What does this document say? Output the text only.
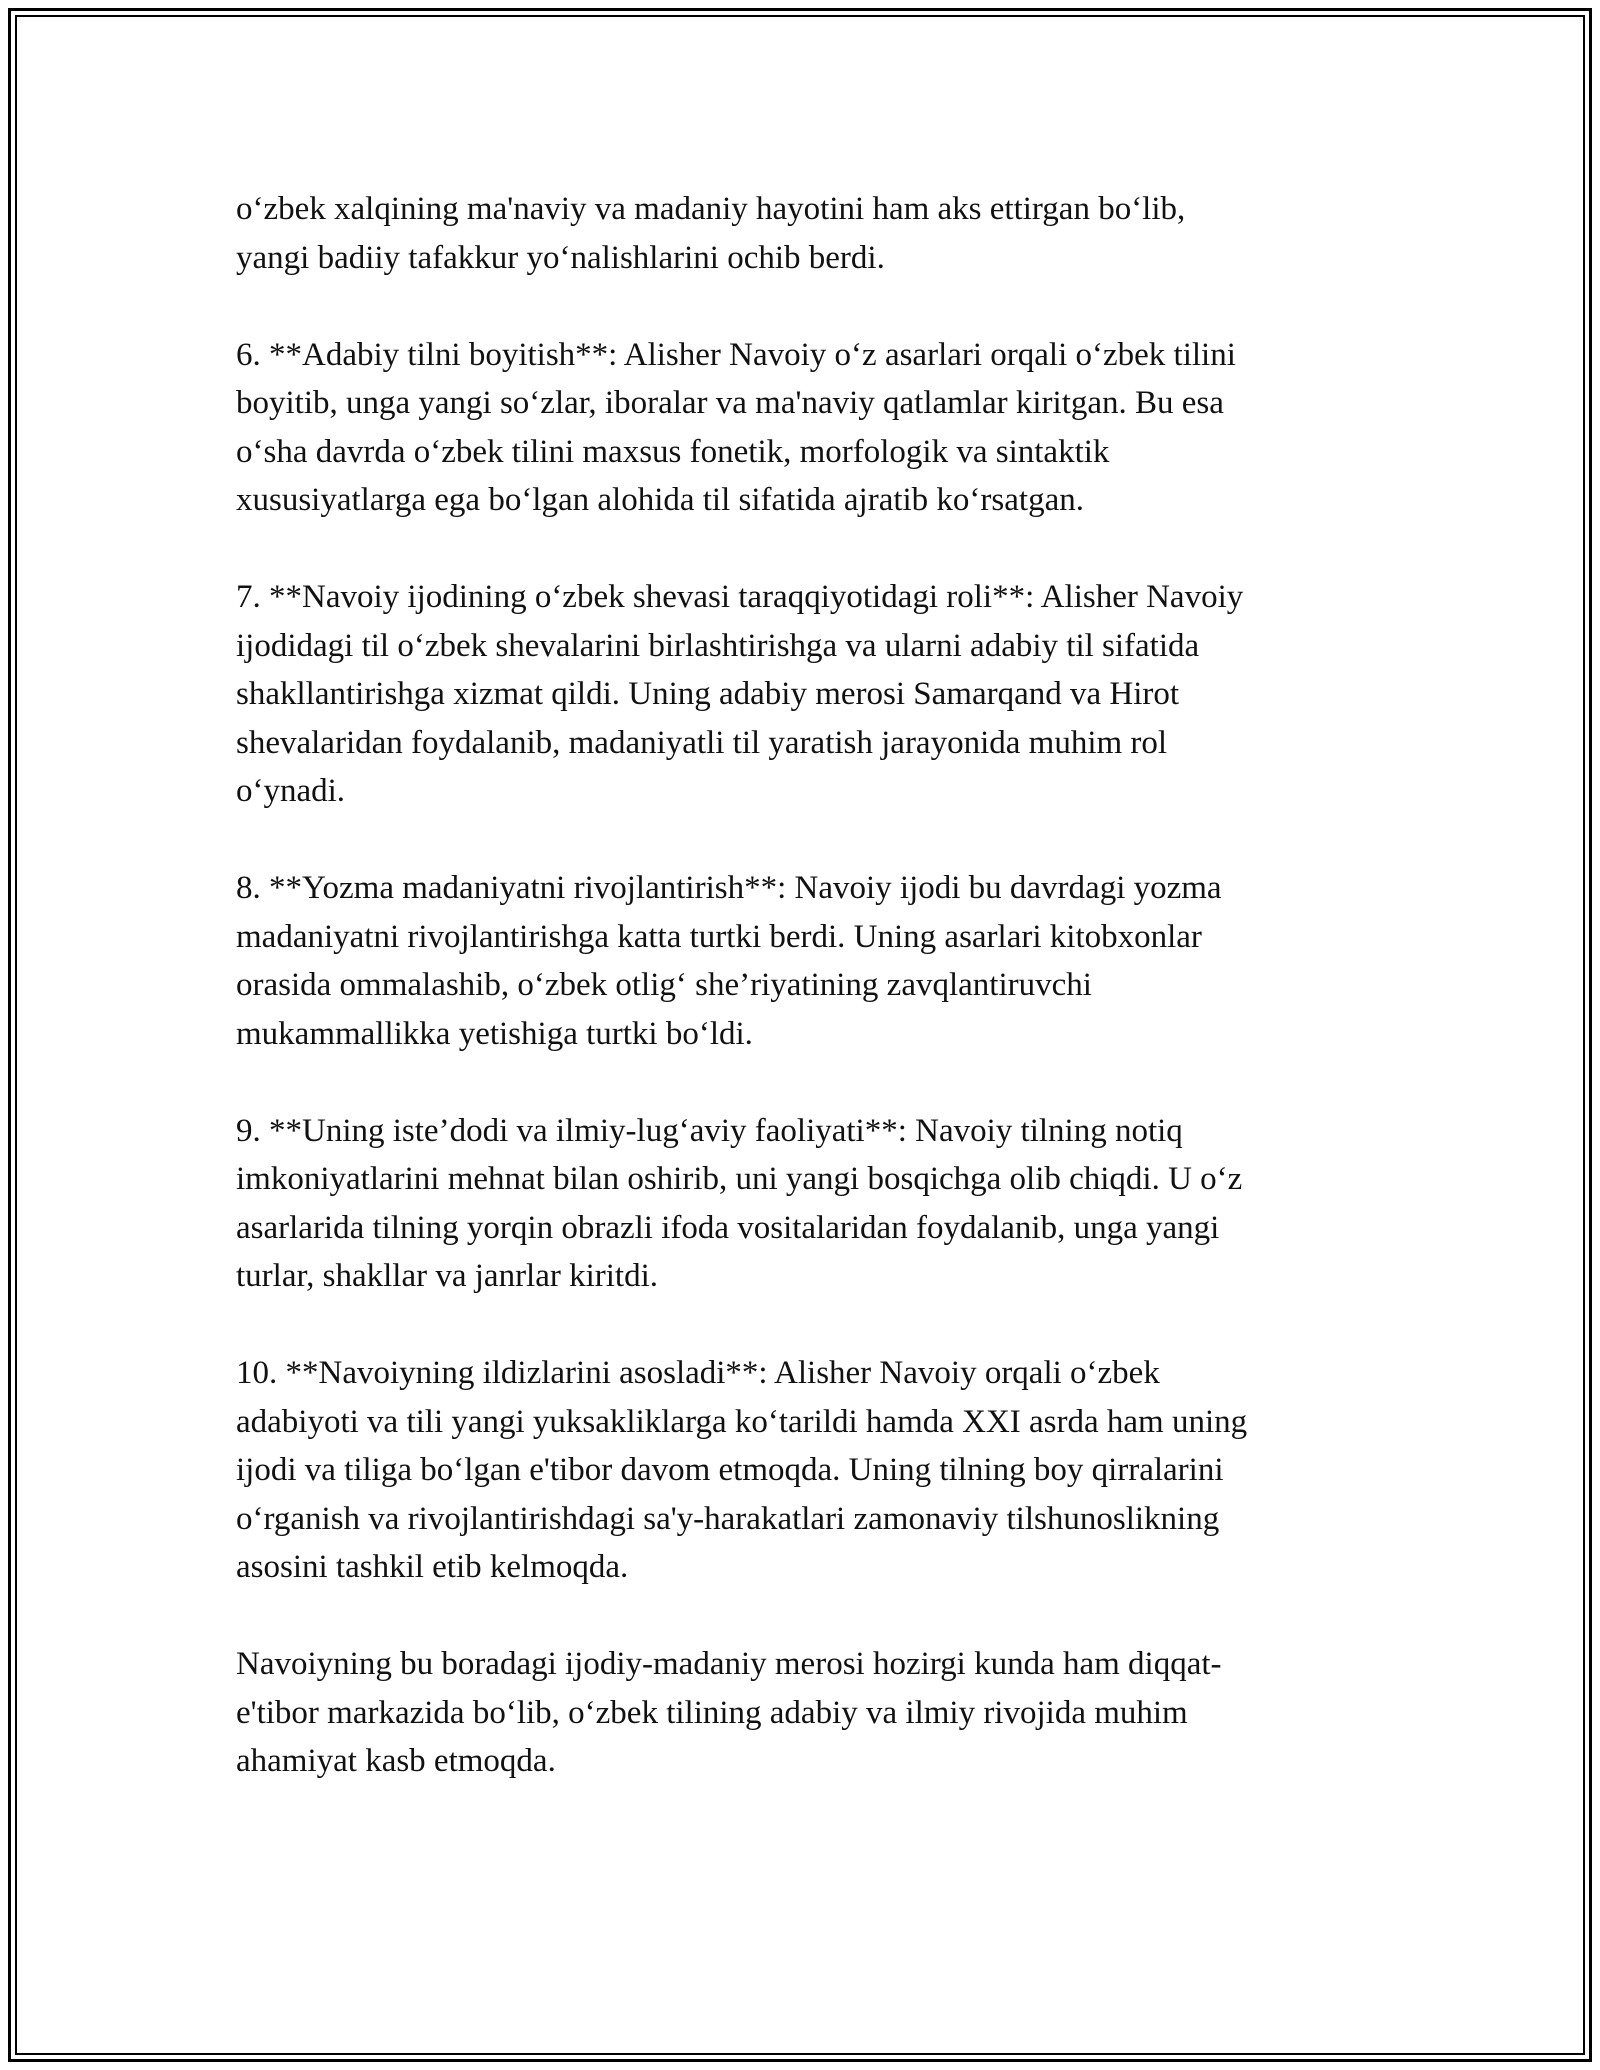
o‘zbek xalqining ma'naviy va madaniy hayotini ham aks ettirgan bo‘lib,
yangi badiiy tafakkur yo‘nalishlarini ochib berdi.
6. **Adabiy tilni boyitish**: Alisher Navoiy o‘z asarlari orqali o‘zbek tilini
boyitib, unga yangi so‘zlar, iboralar va ma'naviy qatlamlar kiritgan. Bu esa
o‘sha davrda o‘zbek tilini maxsus fonetik, morfologik va sintaktik
xususiyatlarga ega bo‘lgan alohida til sifatida ajratib ko‘rsatgan.
7. **Navoiy ijodining o‘zbek shevasi taraqqiyotidagi roli**: Alisher Navoiy
ijodidagi til o‘zbek shevalarini birlashtirishga va ularni adabiy til sifatida
shakllantirishga xizmat qildi. Uning adabiy merosi Samarqand va Hirot
shevalaridan foydalanib, madaniyatli til yaratish jarayonida muhim rol
o‘ynadi.
8. **Yozma madaniyatni rivojlantirish**: Navoiy ijodi bu davrdagi yozma
madaniyatni rivojlantirishga katta turtki berdi. Uning asarlari kitobxonlar
orasida ommalashib, o‘zbek otlig‘ she’riyatining zavqlantiruvchi
mukammallikka yetishiga turtki bo‘ldi.
9. **Uning iste’dodi va ilmiy-lug‘aviy faoliyati**: Navoiy tilning notiq
imkoniyatlarini mehnat bilan oshirib, uni yangi bosqichga olib chiqdi. U o‘z
asarlarida tilning yorqin obrazli ifoda vositalaridan foydalanib, unga yangi
turlar, shakllar va janrlar kiritdi.
10. **Navoiyning ildizlarini asosladi**: Alisher Navoiy orqali o‘zbek
adabiyoti va tili yangi yuksakliklarga ko‘tarildi hamda XXI asrda ham uning
ijodi va tiliga bo‘lgan e'tibor davom etmoqda. Uning tilning boy qirralarini
o‘rganish va rivojlantirishdagi sa'y-harakatlari zamonaviy tilshunoslikning
asosini tashkil etib kelmoqda.
Navoiyning bu boradagi ijodiy-madaniy merosi hozirgi kunda ham diqqat-
e'tibor markazida bo‘lib, o‘zbek tilining adabiy va ilmiy rivojida muhim
ahamiyat kasb etmoqda.
